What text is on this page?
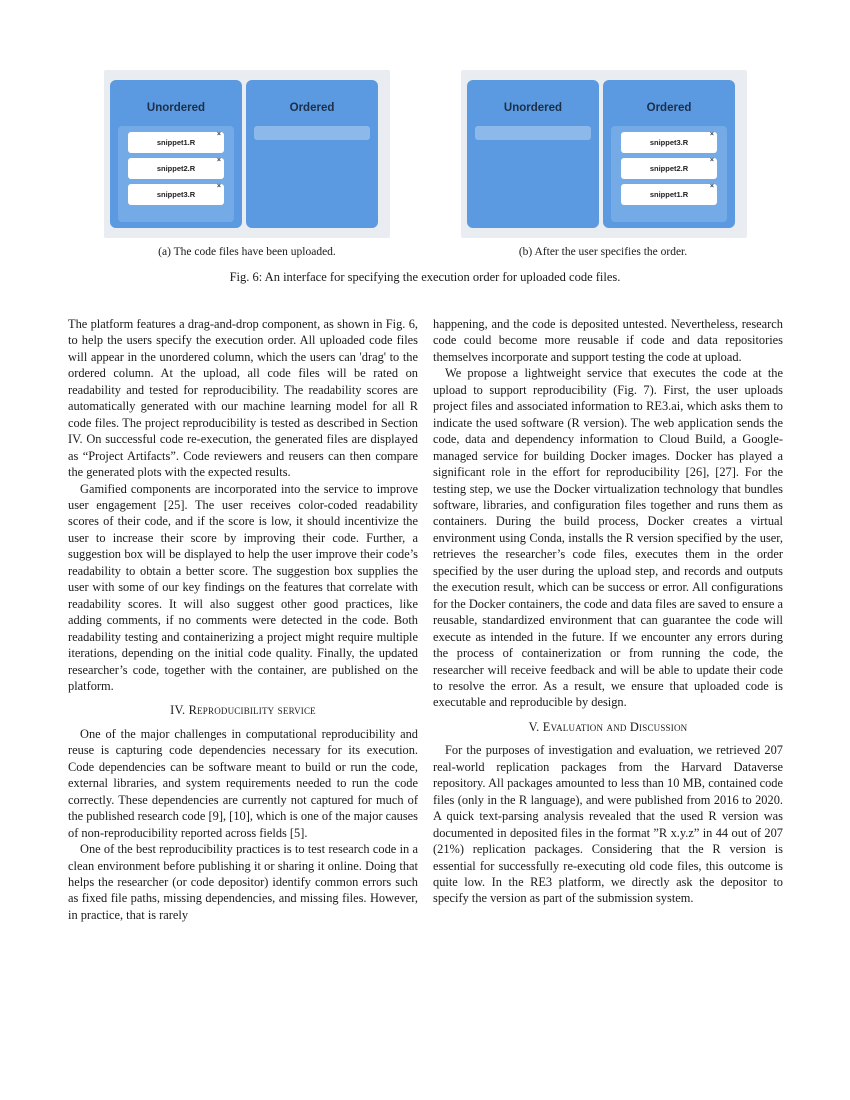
Unordered
snippet1.R
×
snippet2.R
×
snippet3.R
×
Ordered	Unordered	Ordered
snippet3.R
×
snippet2.R
×
snippet1.R
×
(a) The code files have been uploaded.	(b) After the user specifies the order.
Fig. 6: An interface for specifying the execution order for uploaded code files.

The platform features a drag-and-drop component, as shown in Fig. 6, to help the users specify the execution order. All uploaded code files will appear in the unordered column, which the users can 'drag' to the ordered column. At the upload, all code files will be rated on readability and tested for reproducibility. The readability scores are automatically generated with our machine learning model for all R code files. The project reproducibility is tested as described in Section IV. On successful code re-execution, the generated files are displayed as “Project Artifacts”. Code reviewers and reusers can then compare the generated plots with the expected results.

Gamified components are incorporated into the service to improve user engagement [25]. The user receives color-coded readability scores of their code, and if the score is low, it should incentivize the user to increase their score by improving their code. Further, a suggestion box will be displayed to help the user improve their code’s readability to obtain a better score. The suggestion box supplies the user with some of our key findings on the features that correlate with readability scores. It will also suggest other good practices, like adding comments, if no comments were detected in the code. Both readability testing and containerizing a project might require multiple iterations, depending on the initial code quality. Finally, the updated researcher’s code, together with the container, are published on the platform.

IV. Reproducibility service

One of the major challenges in computational reproducibility and reuse is capturing code dependencies necessary for its execution. Code dependencies can be software meant to build or run the code, external libraries, and system requirements needed to run the code correctly. These dependencies are currently not captured for much of the published research code [9], [10], which is one of the major causes of non-reproducibility reported across fields [5].

One of the best reproducibility practices is to test research code in a clean environment before publishing it or sharing it online. Doing that helps the researcher (or code depositor) identify common errors such as fixed file paths, missing dependencies, and missing files. However, in practice, that is rarely

happening, and the code is deposited untested. Nevertheless, research code could become more reusable if code and data repositories themselves incorporate and support testing the code at upload.

We propose a lightweight service that executes the code at the upload to support reproducibility (Fig. 7). First, the user uploads project files and associated information to RE3.ai, which asks them to indicate the used software (R version). The web application sends the code, data and dependency information to Cloud Build, a Google-managed service for building Docker images. Docker has played a significant role in the effort for reproducibility [26], [27]. For the testing step, we use the Docker virtualization technology that bundles software, libraries, and configuration files together and runs them as containers. During the build process, Docker creates a virtual environment using Conda, installs the R version specified by the user, retrieves the researcher’s code files, executes them in the order specified by the user during the upload step, and records and outputs the execution result, which can be success or error. All configurations for the Docker containers, the code and data files are saved to ensure a reusable, standardized environment that can guarantee the code will execute as intended in the future. If we encounter any errors during the process of containerization or from running the code, the researcher will receive feedback and will be able to update their code to resolve the error. As a result, we ensure that uploaded code is executable and reproducible by design.

V. Evaluation and Discussion

For the purposes of investigation and evaluation, we retrieved 207 real-world replication packages from the Harvard Dataverse repository. All packages amounted to less than 10 MB, contained code files (only in the R language), and were published from 2016 to 2020. A quick text-parsing analysis revealed that the used R version was documented in deposited files in the format ”R x.y.z” in 44 out of 207 (21%) replication packages. Considering that the R version is essential for successfully re-executing old code files, this outcome is quite low. In the RE3 platform, we directly ask the depositor to specify the version as part of the submission system.
